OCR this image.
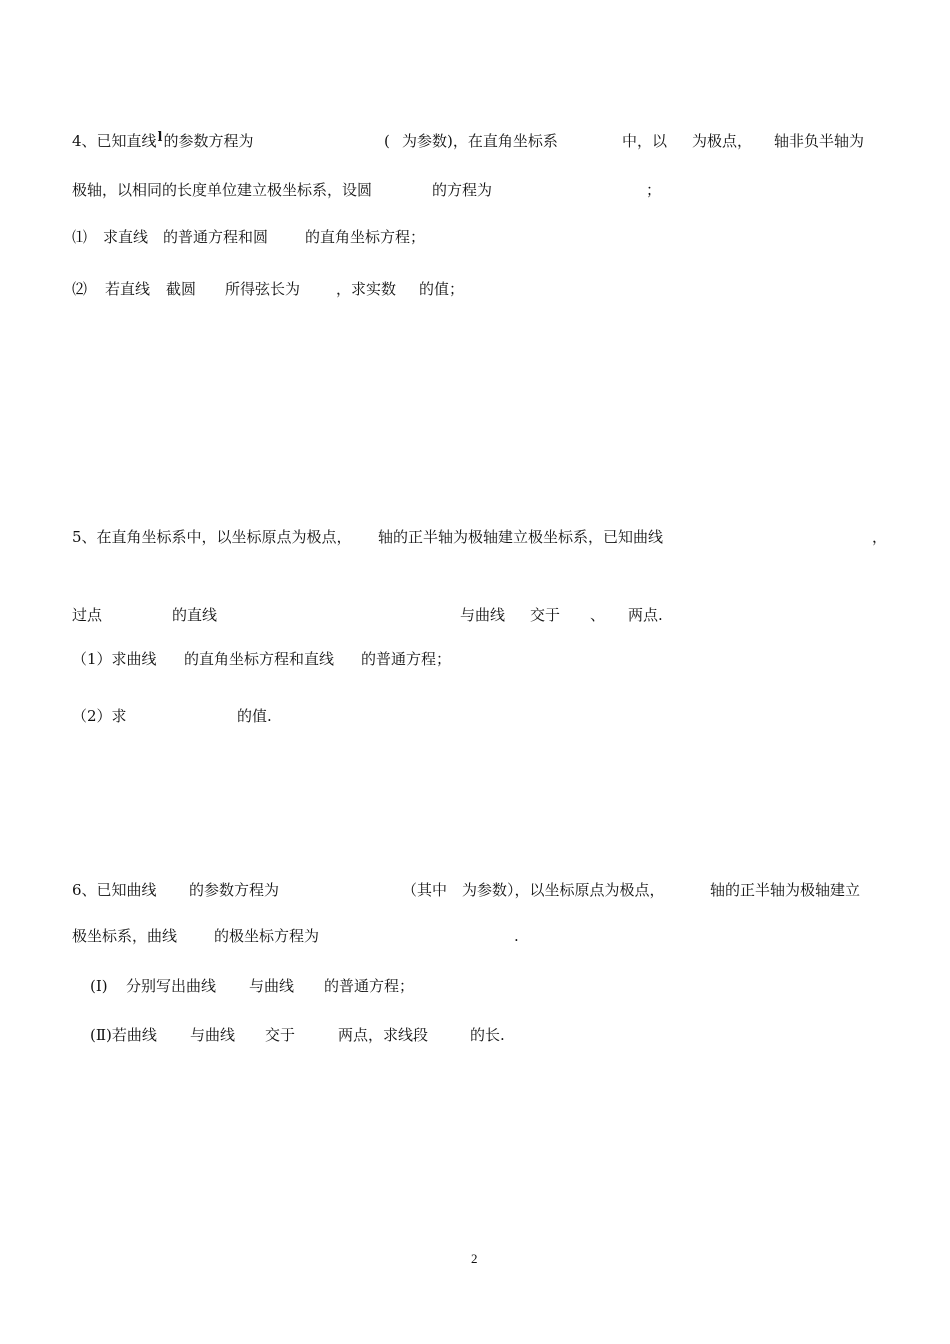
4、已知直线l的参数方程为	( 为参数)，在直角坐标系	中，以 为极点， 轴非负半轴为
极轴，以相同的长度单位建立极坐标系，设圆	的方程为	；
⑴ 求直线 的普通方程和圆 的直角坐标方程；
⑵ 若直线 截圆 所得弦长为 ，求实数 的值；
5、在直角坐标系中，以坐标原点为极点， 轴的正半轴为极轴建立极坐标系，已知曲线	，
过点	的直线	与曲线 交于 、 两点.
（1）求曲线 的直角坐标方程和直线 的普通方程；
（2）求	的值.
6、已知曲线 的参数方程为	（其中 为参数），以坐标原点为极点，	轴的正半轴为极轴建立
极坐标系，曲线 的极坐标方程为	.
(Ⅰ) 分别写出曲线 与曲线 的普通方程；
(Ⅱ)若曲线 与曲线 交于	两点，求线段	的长.
2
